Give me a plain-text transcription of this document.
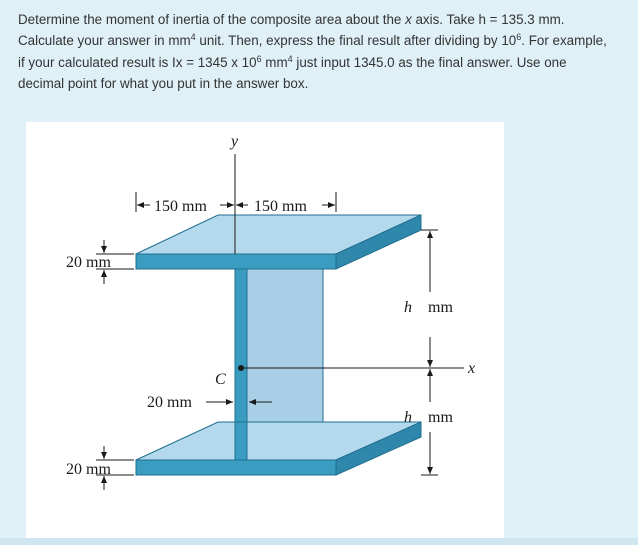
Determine the moment of inertia of the composite area about the x axis. Take h = 135.3 mm.

Calculate your answer in $mm^4$ unit. Then, express the final result after dividing by $10^6$. For example,

if your calculated result is Ix = 1345 x $10^6$ $mm^4$ just input 1345.0 as the final answer. Use one

decimal point for what you put in the answer box.

y
x
C
150 mm	150 mm
20 mm
20 mm
20 mm
h mm
h mm
